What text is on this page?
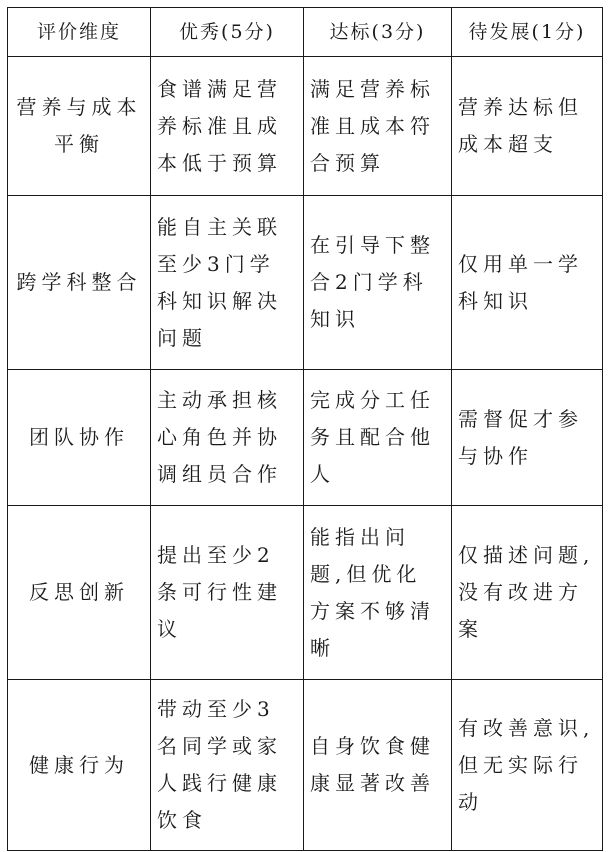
评价维度	优秀(5分)	达标(3分)	待发展(1分)
营养与成本平衡	食谱满足营养标准且成本低于预算	满足营养标准且成本符合预算	营养达标但成本超支
跨学科整合	能自主关联至少3门学科知识解决问题	在引导下整合2门学科知识	仅用单一学科知识
团队协作	主动承担核心角色并协调组员合作	完成分工任务且配合他人	需督促才参与协作
反思创新	提出至少2条可行性建议	能指出问题,但优化方案不够清晰	仅描述问题,没有改进方案
健康行为	带动至少3名同学或家人践行健康饮食	自身饮食健康显著改善	有改善意识,但无实际行动
